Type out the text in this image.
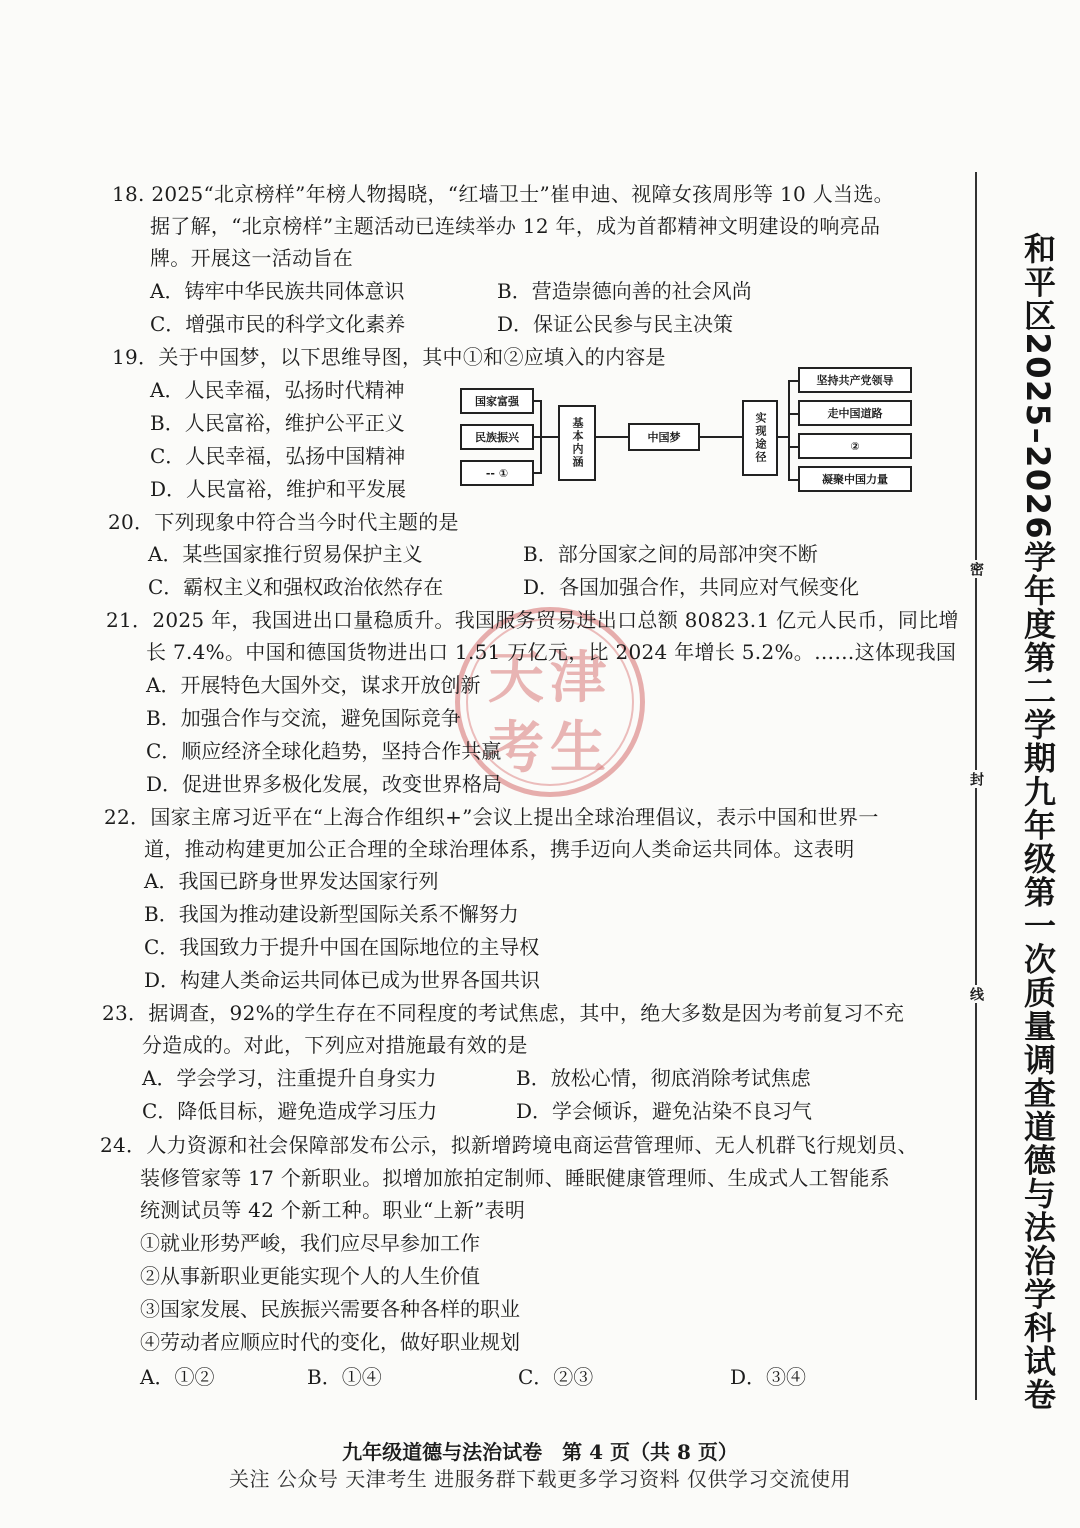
天津
考生
18. 2025“北京榜样”年榜人物揭晓，“红墙卫士”崔申迪、视障女孩周彤等 10 人当选。
据了解，“北京榜样”主题活动已连续举办 12 年，成为首都精神文明建设的响亮品
牌。开展这一活动旨在
A．铸牢中华民族共同体意识	B．营造崇德向善的社会风尚
C．增强市民的科学文化素养	D．保证公民参与民主决策
19．关于中国梦，以下思维导图，其中①和②应填入的内容是
A．人民幸福，弘扬时代精神
B．人民富裕，维护公平正义
C．人民幸福，弘扬中国精神
D．人民富裕，维护和平发展
国家富强
民族振兴
-- ①
基本内涵	中国梦	实现途径
坚持共产党领导
走中国道路
②
凝聚中国力量
20．下列现象中符合当今时代主题的是
A．某些国家推行贸易保护主义	B．部分国家之间的局部冲突不断
C．霸权主义和强权政治依然存在	D．各国加强合作，共同应对气候变化
21．2025 年，我国进出口量稳质升。我国服务贸易进出口总额 80823.1 亿元人民币，同比增
长 7.4%。中国和德国货物进出口 1.51 万亿元，比 2024 年增长 5.2%。……这体现我国
A．开展特色大国外交，谋求开放创新
B．加强合作与交流，避免国际竞争
C．顺应经济全球化趋势，坚持合作共赢
D．促进世界多极化发展，改变世界格局
22．国家主席习近平在“上海合作组织+”会议上提出全球治理倡议，表示中国和世界一
道，推动构建更加公正合理的全球治理体系，携手迈向人类命运共同体。这表明
A．我国已跻身世界发达国家行列
B．我国为推动建设新型国际关系不懈努力
C．我国致力于提升中国在国际地位的主导权
D．构建人类命运共同体已成为世界各国共识
23．据调查，92%的学生存在不同程度的考试焦虑，其中，绝大多数是因为考前复习不充
分造成的。对此，下列应对措施最有效的是
A．学会学习，注重提升自身实力	B．放松心情，彻底消除考试焦虑
C．降低目标，避免造成学习压力	D．学会倾诉，避免沾染不良习气
24．人力资源和社会保障部发布公示，拟新增跨境电商运营管理师、无人机群飞行规划员、
装修管家等 17 个新职业。拟增加旅拍定制师、睡眠健康管理师、生成式人工智能系
统测试员等 42 个新工种。职业“上新”表明
①就业形势严峻，我们应尽早参加工作
②从事新职业更能实现个人的人生价值
③国家发展、民族振兴需要各种各样的职业
④劳动者应顺应时代的变化，做好职业规划
A．①②	B．①④	C．②③	D．③④
密
封
线 和平区2025–2026学年度第二学期九年级第一次质量调查道德与法治学科试卷
九年级道德与法治试卷　第 4 页（共 8 页）
关注 公众号 天津考生 进服务群下载更多学习资料 仅供学习交流使用
